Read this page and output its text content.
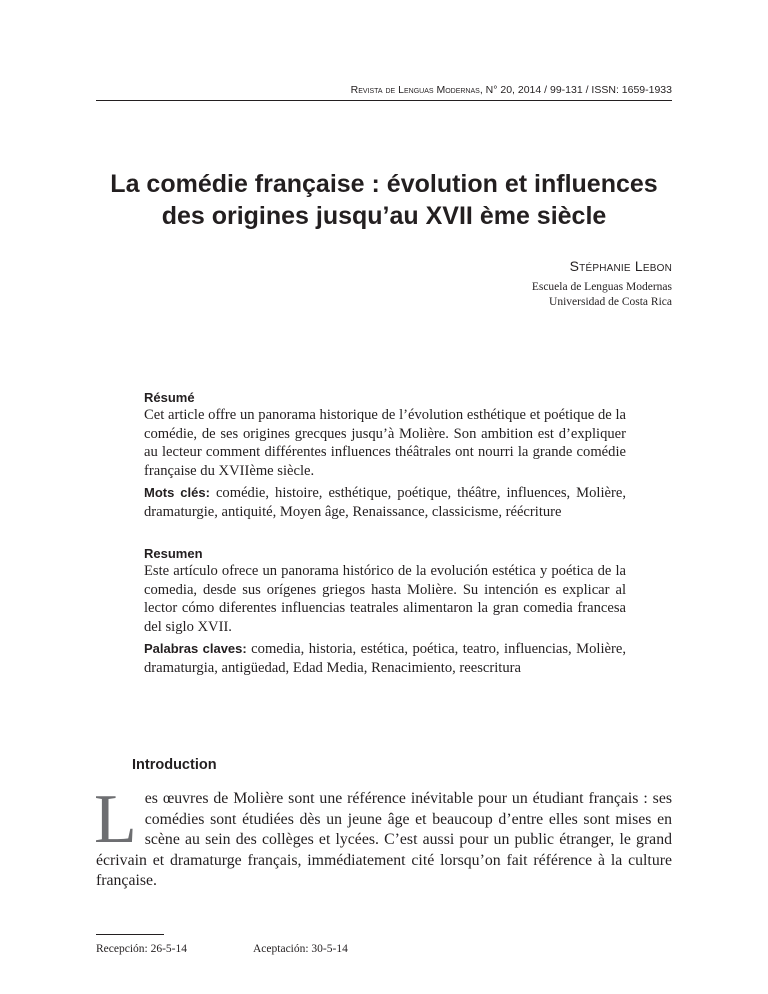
Revista de Lenguas Modernas, N° 20, 2014 / 99-131 / ISSN: 1659-1933
La comédie française : évolution et influences
des origines jusqu’au XVII ème siècle

Stéphanie Lebon

Escuela de Lenguas Modernas
Universidad de Costa Rica
Résumé
Cet article offre un panorama historique de l’évolution esthétique et poétique de la comédie, de ses origines grecques jusqu’à Molière. Son ambition est d’expliquer au lecteur comment différentes influences théâtrales ont nourri la grande comédie française du XVIIème siècle.
Mots clés: comédie, histoire, esthétique, poétique, théâtre, influences, Molière, dramaturgie, antiquité, Moyen âge, Renaissance, classicisme, réécriture
Resumen
Este artículo ofrece un panorama histórico de la evolución estética y poética de la comedia, desde sus orígenes griegos hasta Molière. Su intención es explicar al lector cómo diferentes influencias teatrales alimentaron la gran comedia francesa del siglo XVII.
Palabras claves: comedia, historia, estética, poética, teatro, influencias, Molière, dramaturgia, antigüedad, Edad Media, Renacimiento, reescritura
Introduction

Les œuvres de Molière sont une référence inévitable pour un étudiant français : ses comédies sont étudiées dès un jeune âge et beaucoup d’entre elles sont mises en scène au sein des collèges et lycées. C’est aussi pour un public étranger, le grand écrivain et dramaturge français, immédiatement cité lorsqu’on fait référence à la culture française.

Recepción: 26-5-14	Aceptación: 30-5-14
